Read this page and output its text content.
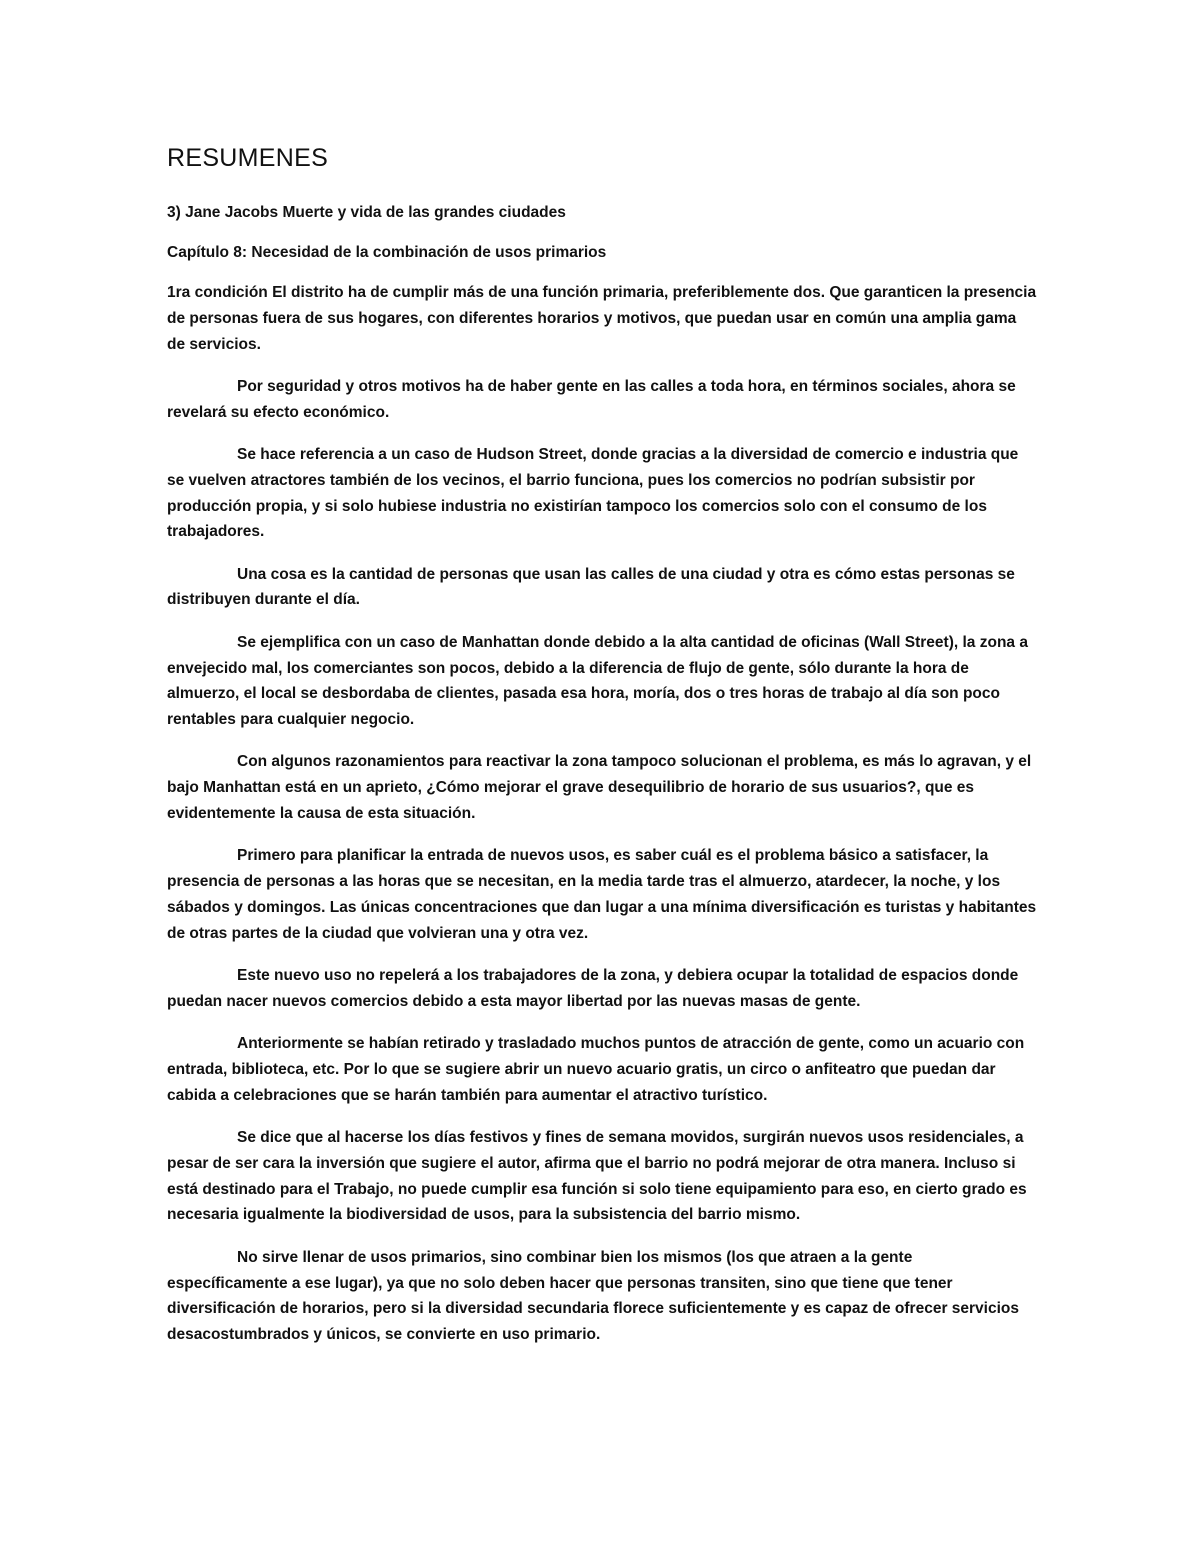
RESUMENES
3) Jane Jacobs Muerte y vida de las grandes ciudades
Capítulo 8: Necesidad de la combinación de usos primarios

1ra condición El distrito ha de cumplir más de una función primaria, preferiblemente dos. Que garanticen la presencia de personas fuera de sus hogares, con diferentes horarios y motivos, que puedan usar en común una amplia gama de servicios.

Por seguridad y otros motivos ha de haber gente en las calles a toda hora, en términos sociales, ahora se revelará su efecto económico.

Se hace referencia a un caso de Hudson Street, donde gracias a la diversidad de comercio e industria que se vuelven atractores también de los vecinos, el barrio funciona, pues los comercios no podrían subsistir por producción propia, y si solo hubiese industria no existirían tampoco los comercios solo con el consumo de los trabajadores.

Una cosa es la cantidad de personas que usan las calles de una ciudad y otra es cómo estas personas se distribuyen durante el día.

Se ejemplifica con un caso de Manhattan donde debido a la alta cantidad de oficinas (Wall Street), la zona a envejecido mal, los comerciantes son pocos, debido a la diferencia de flujo de gente, sólo durante la hora de almuerzo, el local se desbordaba de clientes, pasada esa hora, moría, dos o tres horas de trabajo al día son poco rentables para cualquier negocio.

Con algunos razonamientos para reactivar la zona tampoco solucionan el problema, es más lo agravan, y el bajo Manhattan está en un aprieto, ¿Cómo mejorar el grave desequilibrio de horario de sus usuarios?, que es evidentemente la causa de esta situación.

Primero para planificar la entrada de nuevos usos, es saber cuál es el problema básico a satisfacer, la presencia de personas a las horas que se necesitan, en la media tarde tras el almuerzo, atardecer, la noche, y los sábados y domingos. Las únicas concentraciones que dan lugar a una mínima diversificación es turistas y habitantes de otras partes de la ciudad que volvieran una y otra vez.

Este nuevo uso no repelerá a los trabajadores de la zona, y debiera ocupar la totalidad de espacios donde puedan nacer nuevos comercios debido a esta mayor libertad por las nuevas masas de gente.

Anteriormente se habían retirado y trasladado muchos puntos de atracción de gente, como un acuario con entrada, biblioteca, etc. Por lo que se sugiere abrir un nuevo acuario gratis, un circo o anfiteatro que puedan dar cabida a celebraciones que se harán también para aumentar el atractivo turístico.

Se dice que al hacerse los días festivos y fines de semana movidos, surgirán nuevos usos residenciales, a pesar de ser cara la inversión que sugiere el autor, afirma que el barrio no podrá mejorar de otra manera. Incluso si está destinado para el Trabajo, no puede cumplir esa función si solo tiene equipamiento para eso, en cierto grado es necesaria igualmente la biodiversidad de usos, para la subsistencia del barrio mismo.

No sirve llenar de usos primarios, sino combinar bien los mismos (los que atraen a la gente específicamente a ese lugar), ya que no solo deben hacer que personas transiten, sino que tiene que tener diversificación de horarios, pero si la diversidad secundaria florece suficientemente y es capaz de ofrecer servicios desacostumbrados y únicos, se convierte en uso primario.
